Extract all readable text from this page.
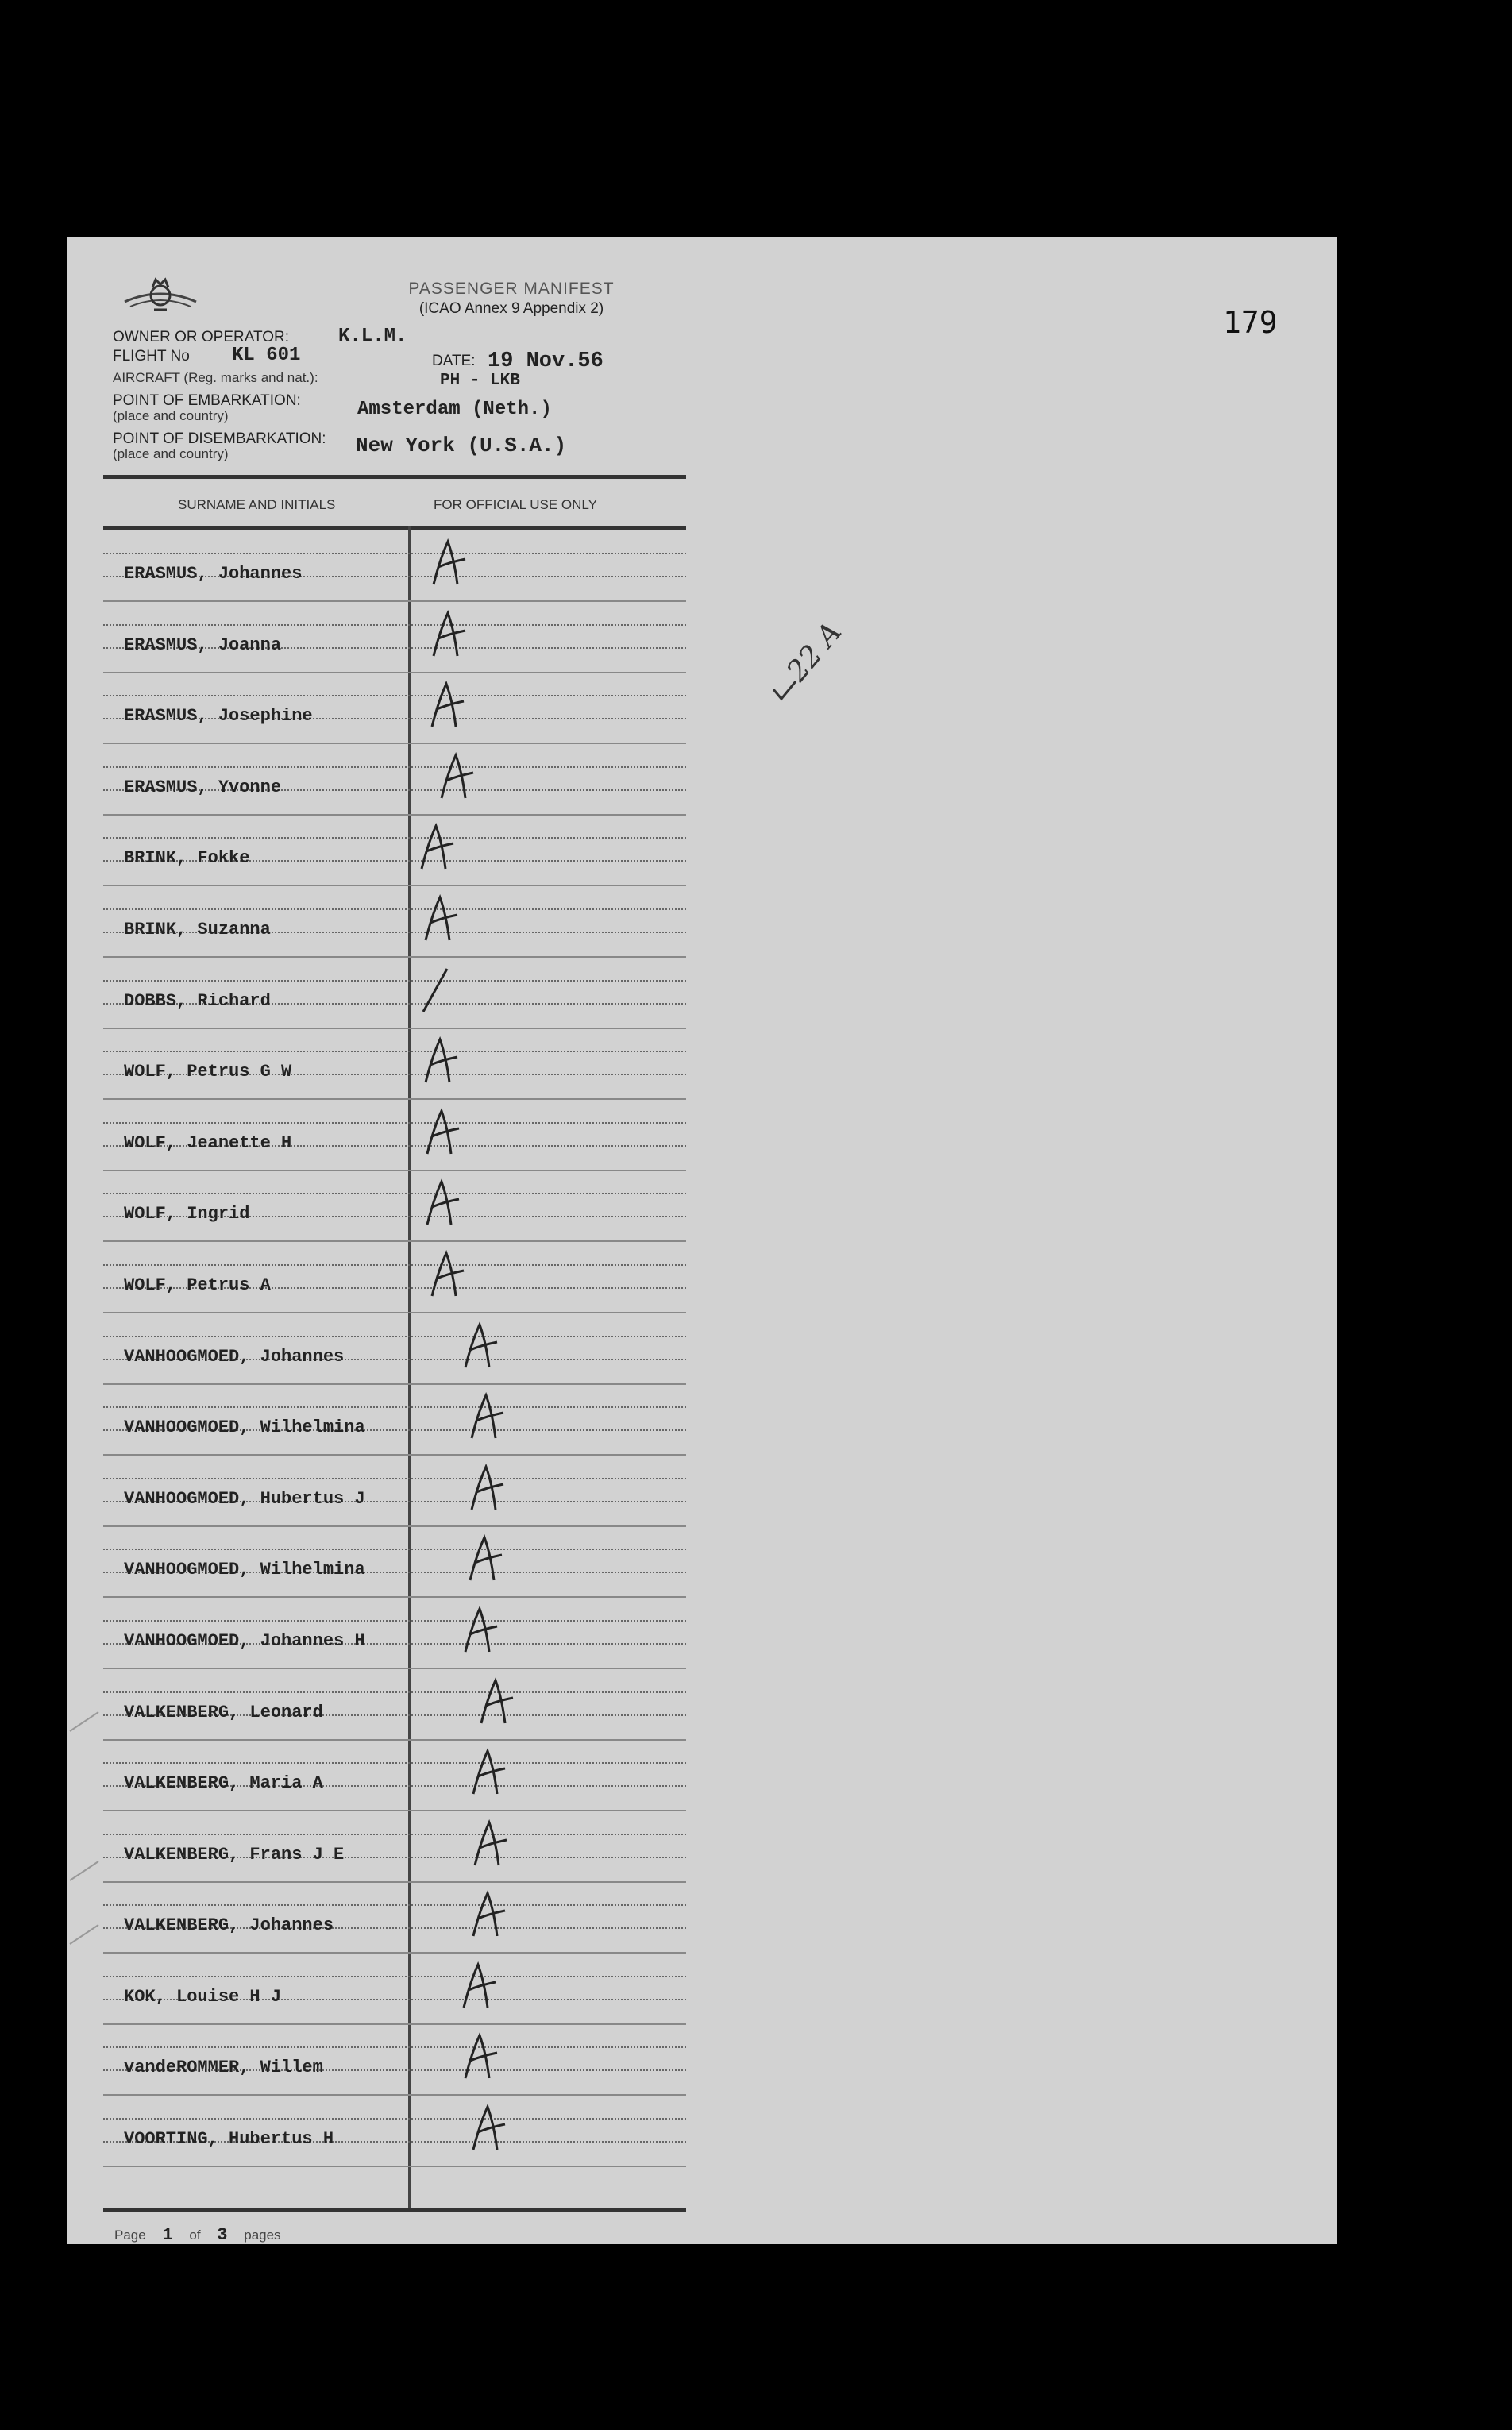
PASSENGER MANIFEST
(ICAO Annex 9 Appendix 2)
OWNER OR OPERATOR:	K.L.M.
FLIGHT No KL 601	DATE: 19 Nov.56
AIRCRAFT (Reg. marks and nat.):	PH - LKB
POINT OF EMBARKATION:
(place and country)	Amsterdam (Neth.)
POINT OF DISEMBARKATION:
(place and country)	New York (U.S.A.)
SURNAME AND INITIALS	FOR OFFICIAL USE ONLY
ERASMUS, Johannes
ERASMUS, Joanna
ERASMUS, Josephine
ERASMUS, Yvonne
BRINK, Fokke
BRINK, Suzanna
DOBBS, Richard
WOLF, Petrus G W
WOLF, Jeanette H
WOLF, Ingrid
WOLF, Petrus A
VANHOOGMOED, Johannes
VANHOOGMOED, Wilhelmina
VANHOOGMOED, Hubertus J
VANHOOGMOED, Wilhelmina
VANHOOGMOED, Johannes H
VALKENBERG, Leonard
VALKENBERG, Maria A
VALKENBERG, Frans J E
VALKENBERG, Johannes
KOK, Louise H J
vandeROMMER, Willem
VOORTING, Hubertus H
Page 1 of 3 pages
179
22 A
